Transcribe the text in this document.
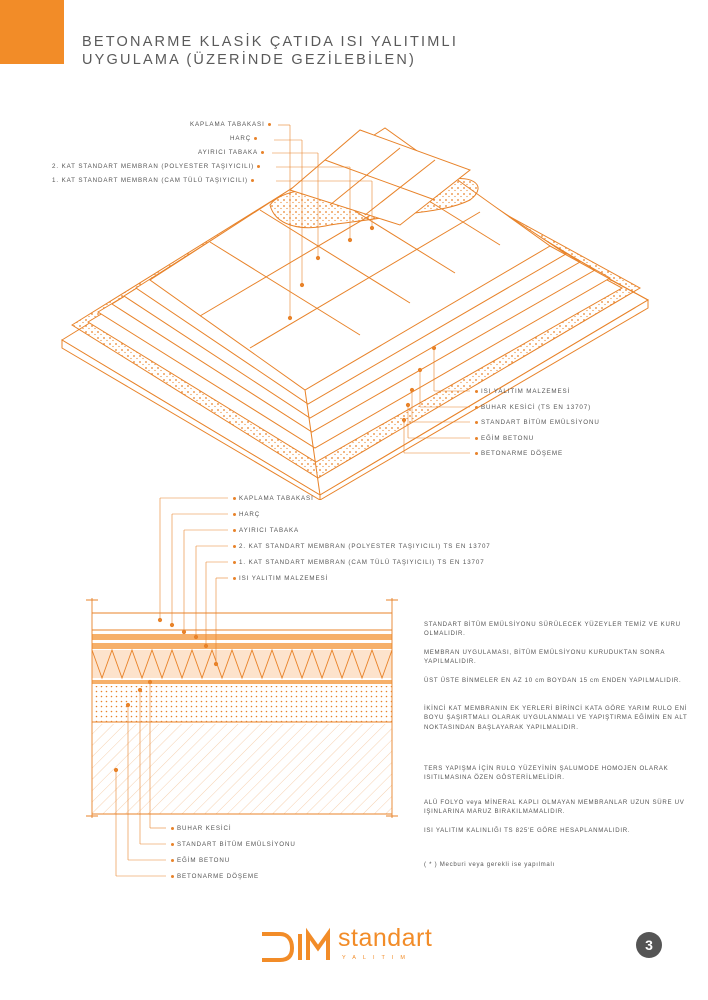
BETONARME KLASİK ÇATIDA ISI YALITIMLI
UYGULAMA (ÜZERİNDE GEZİLEBİLEN)
KAPLAMA TABAKASI
HARÇ
AYIRICI TABAKA
2. KAT STANDART MEMBRAN (POLYESTER TAŞIYICILI)
1. KAT STANDART MEMBRAN (CAM TÜLÜ TAŞIYICILI)
ISI YALITIM MALZEMESİ
BUHAR KESİCİ (TS EN 13707)
STANDART BİTÜM EMÜLSİYONU
EĞİM BETONU
BETONARME DÖŞEME
KAPLAMA TABAKASI
HARÇ
AYIRICI TABAKA
2. KAT STANDART MEMBRAN (POLYESTER TAŞIYICILI) TS EN 13707
1. KAT STANDART MEMBRAN (CAM TÜLÜ TAŞIYICILI) TS EN 13707
ISI YALITIM MALZEMESİ
BUHAR KESİCİ
STANDART BİTÜM EMÜLSİYONU
EĞİM BETONU
BETONARME DÖŞEME
STANDART BİTÜM EMÜLSİYONU SÜRÜLECEK YÜZEYLER TEMİZ VE KURU OLMALIDIR.
MEMBRAN UYGULAMASI, BİTÜM EMÜLSİYONU KURUDUKTAN SONRA YAPILMALIDIR.
ÜST ÜSTE BİNMELER EN AZ 10 cm BOYDAN 15 cm ENDEN YAPILMALIDIR.
İKİNCİ KAT MEMBRANIN EK YERLERİ BİRİNCİ KATA GÖRE YARIM RULO ENİ BOYU ŞAŞIRTMALI OLARAK UYGULANMALI VE YAPIŞTIRMA EĞİMİN EN ALT NOKTASINDAN BAŞLAYARAK YAPILMALIDIR.
TERS YAPIŞMA İÇİN RULO YÜZEYİNİN ŞALUMODE HOMOJEN OLARAK ISITILMASINA ÖZEN GÖSTERİLMELİDİR.
ALÜ FOLYO veya MİNERAL KAPLI OLMAYAN MEMBRANLAR UZUN SÜRE UV IŞINLARINA MARUZ BIRAKILMAMALIDIR.
ISI YALITIM KALINLIĞI TS 825'E GÖRE HESAPLANMALIDIR.
( * ) Mecburi veya gerekli ise yapılmalı
standart
YALITIM
3
